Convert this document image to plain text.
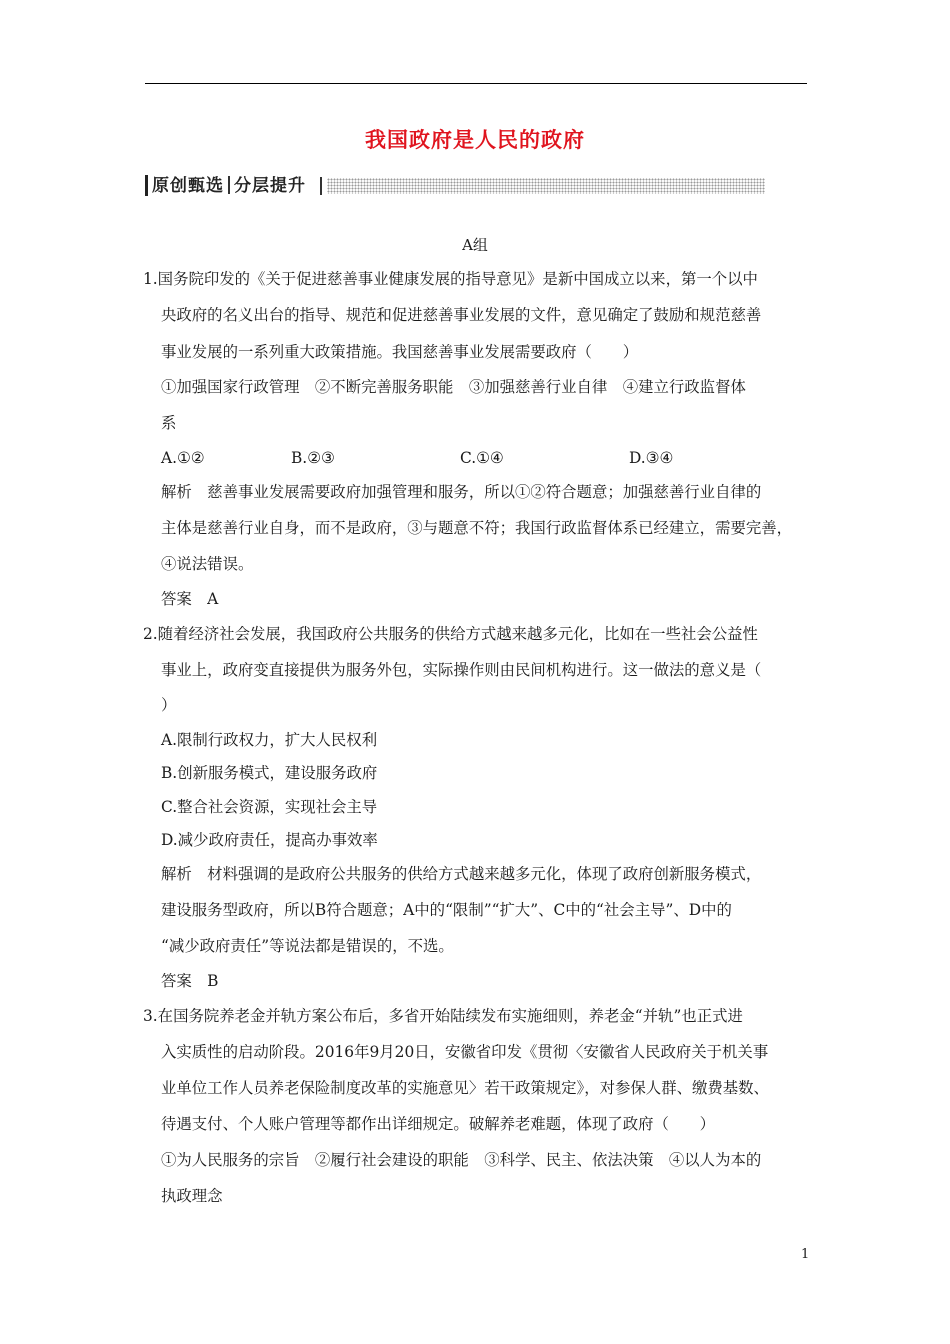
我国政府是人民的政府
原创甄选 分层提升
A组
1.国务院印发的《关于促进慈善事业健康发展的指导意见》是新中国成立以来，第一个以中
央政府的名义出台的指导、规范和促进慈善事业发展的文件，意见确定了鼓励和规范慈善
事业发展的一系列重大政策措施。我国慈善事业发展需要政府（　　）
①加强国家行政管理　②不断完善服务职能　③加强慈善行业自律　④建立行政监督体
系
A.①②	B.②③	C.①④	D.③④
解析　慈善事业发展需要政府加强管理和服务，所以①②符合题意；加强慈善行业自律的
主体是慈善行业自身，而不是政府，③与题意不符；我国行政监督体系已经建立，需要完善，
④说法错误。
答案　A
2.随着经济社会发展，我国政府公共服务的供给方式越来越多元化，比如在一些社会公益性
事业上，政府变直接提供为服务外包，实际操作则由民间机构进行。这一做法的意义是（
）
A.限制行政权力，扩大人民权利
B.创新服务模式，建设服务政府
C.整合社会资源，实现社会主导
D.减少政府责任，提高办事效率
解析　材料强调的是政府公共服务的供给方式越来越多元化，体现了政府创新服务模式，
建设服务型政府，所以B符合题意；A中的“限制”“扩大”、C中的“社会主导”、D中的
“减少政府责任”等说法都是错误的，不选。
答案　B
3.在国务院养老金并轨方案公布后，多省开始陆续发布实施细则，养老金“并轨”也正式进
入实质性的启动阶段。2016年9月20日，安徽省印发《贯彻〈安徽省人民政府关于机关事
业单位工作人员养老保险制度改革的实施意见〉若干政策规定》，对参保人群、缴费基数、
待遇支付、个人账户管理等都作出详细规定。破解养老难题，体现了政府（　　）
①为人民服务的宗旨　②履行社会建设的职能　③科学、民主、依法决策　④以人为本的
执政理念
1
